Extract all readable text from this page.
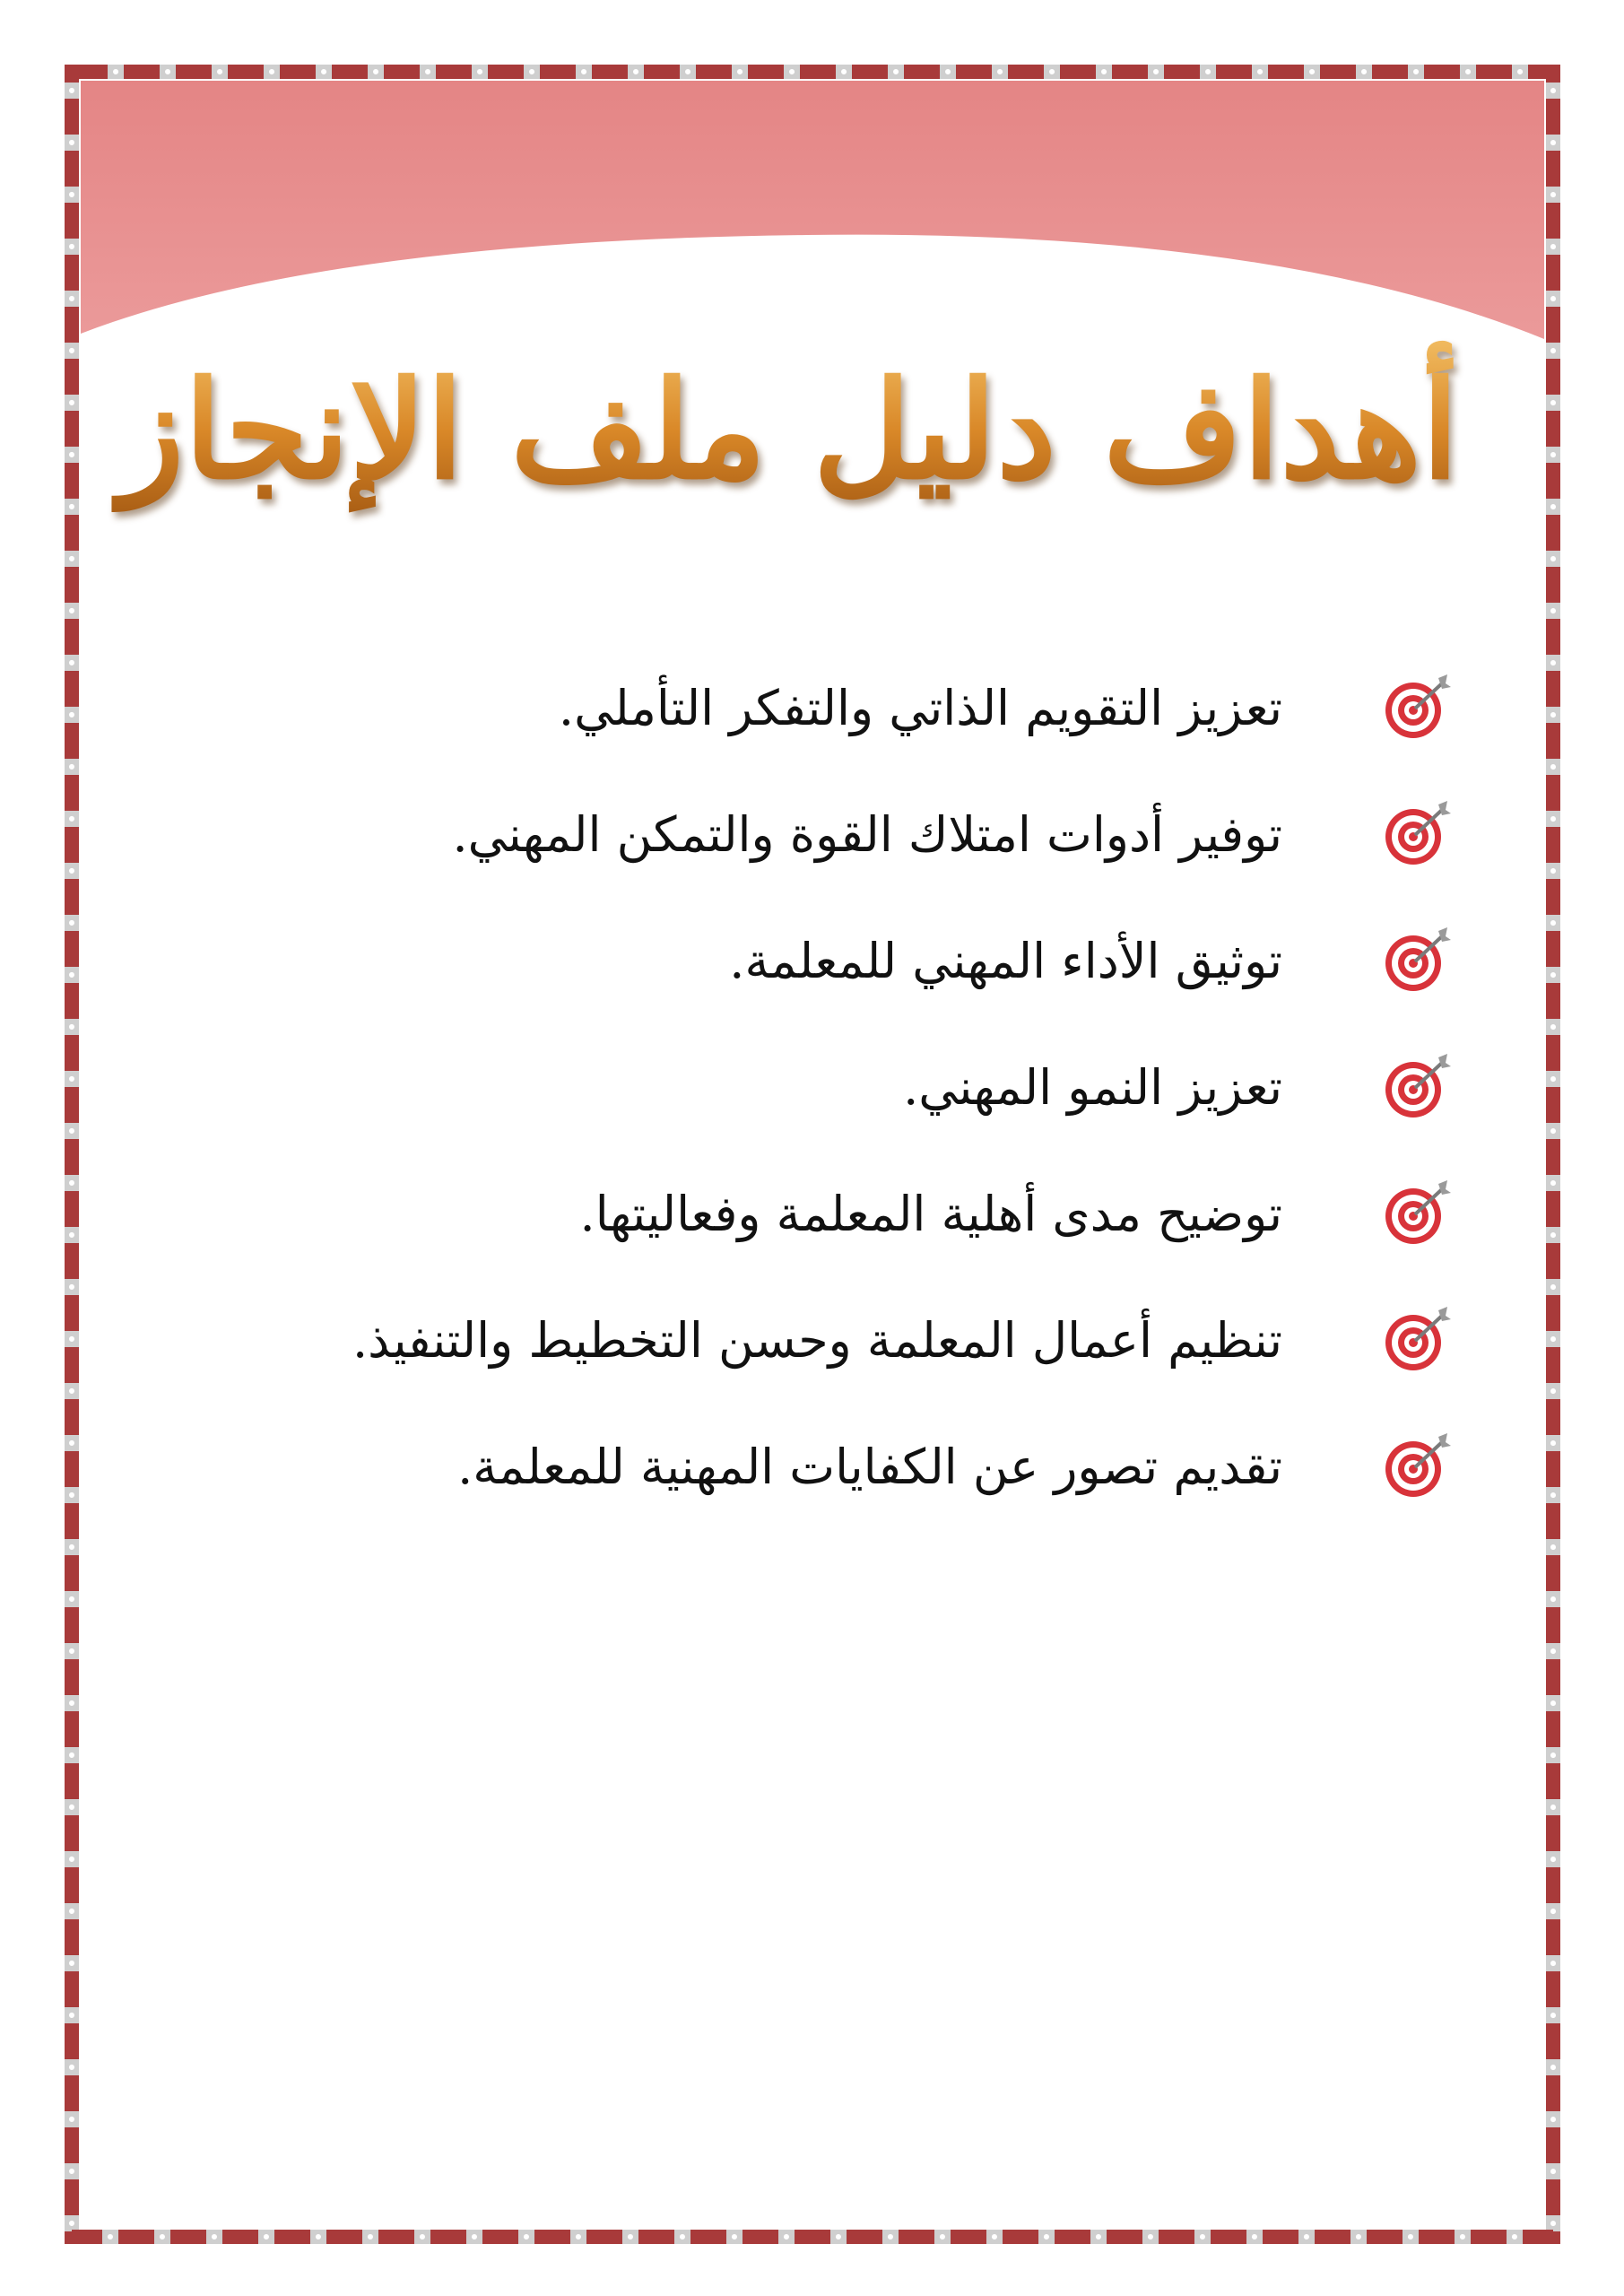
أهداف دليل ملف الإنجاز
تعزيز التقويم الذاتي والتفكر التأملي.
توفير أدوات امتلاك القوة والتمكن المهني.
توثيق الأداء المهني للمعلمة.
تعزيز النمو المهني.
توضيح مدى أهلية المعلمة وفعاليتها.
تنظيم أعمال المعلمة وحسن التخطيط والتنفيذ.
تقديم تصور عن الكفايات المهنية للمعلمة.
